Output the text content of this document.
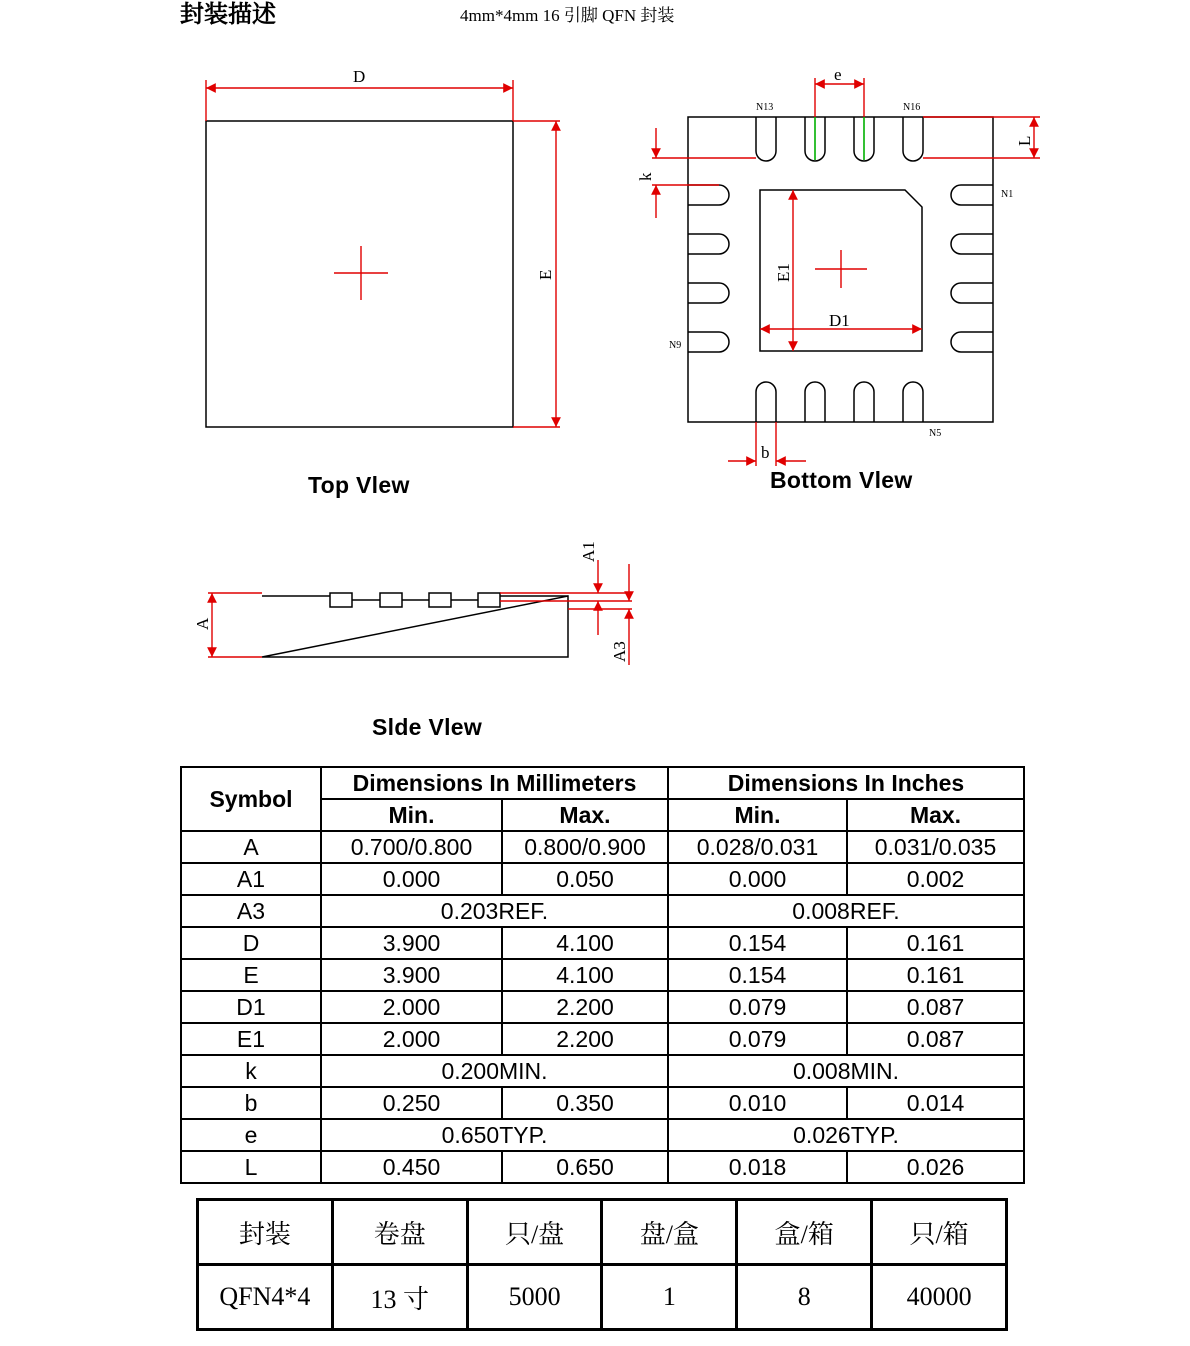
封装描述	4mm*4mm 16 引脚 QFN 封装
D
E
e
N13	N16
N1
N9
N5
L
k
E1
D1
b
A
A1
A3
Top Vlew	Bottom Vlew
Slde Vlew
Symbol	Dimensions In Millimeters		Dimensions In Inches	
	Min.	Max.	Min.	Max.
A	0.700/0.800	0.800/0.900	0.028/0.031	0.031/0.035
A1	0.000	0.050	0.000	0.002
A3	0.203REF.		0.008REF.	
D	3.900	4.100	0.154	0.161
E	3.900	4.100	0.154	0.161
D1	2.000	2.200	0.079	0.087
E1	2.000	2.200	0.079	0.087
k	0.200MIN.		0.008MIN.	
b	0.250	0.350	0.010	0.014
e	0.650TYP.		0.026TYP.	
L	0.450	0.650	0.018	0.026
封装	卷盘	只/盘	盘/盒	盒/箱	只/箱
QFN4*4	13 寸	5000	1	8	40000
